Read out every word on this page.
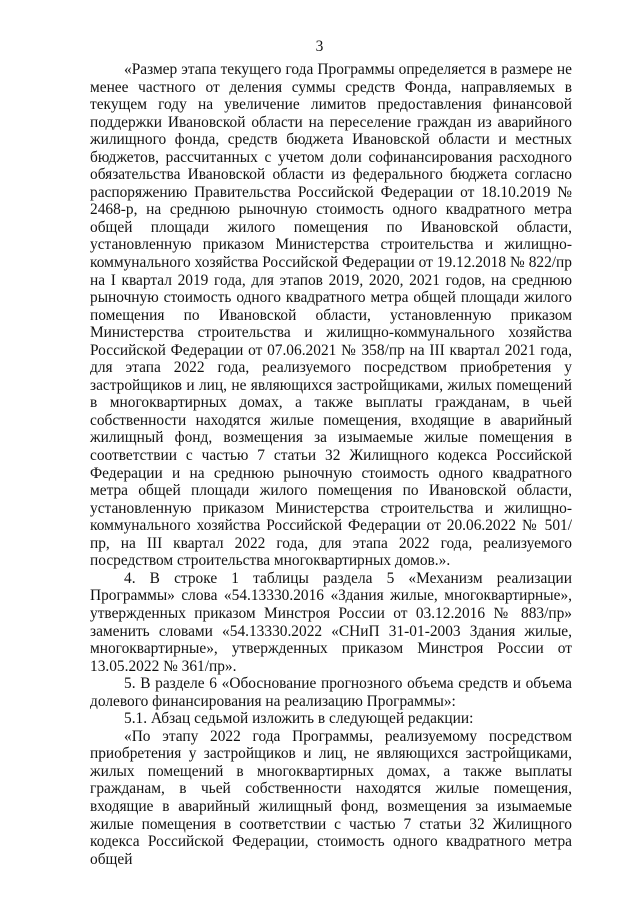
3

«Размер этапа текущего года Программы определяется в размере не менее частного от деления суммы средств Фонда, направляемых в текущем году на увеличение лимитов предоставления финансовой поддержки Ивановской области на переселение граждан из аварийного жилищного фонда, средств бюджета Ивановской области и местных бюджетов, рассчитанных с учетом доли софинансирования расходного обязательства Ивановской области из федерального бюджета согласно распоряжению Правительства Российской Федерации от 18.10.2019 № 2468-р, на среднюю рыночную стоимость одного квадратного метра общей площади жилого помещения по Ивановской области, установленную приказом Министерства строительства и жилищно-коммунального хозяйства Российской Федерации от 19.12.2018 № 822/пр на I квартал 2019 года, для этапов 2019, 2020, 2021 годов, на среднюю рыночную стоимость одного квадратного метра общей площади жилого помещения по Ивановской области, установленную приказом Министерства строительства и жилищно-коммунального хозяйства Российской Федерации от 07.06.2021 № 358/пр на III квартал 2021 года, для этапа 2022 года, реализуемого посредством приобретения у застройщиков и лиц, не являющихся застройщиками, жилых помещений в многоквартирных домах, а также выплаты гражданам, в чьей собственности находятся жилые помещения, входящие в аварийный жилищный фонд, возмещения за изымаемые жилые помещения в соответствии с частью 7 статьи 32 Жилищного кодекса Российской Федерации и на среднюю рыночную стоимость одного квадратного метра общей площади жилого помещения по Ивановской области, установленную приказом Министерства строительства и жилищно-коммунального хозяйства Российской Федерации от 20.06.2022 № 501/пр, на III квартал 2022 года, для этапа 2022 года, реализуемого посредством строительства многоквартирных домов.».

4. В строке 1 таблицы раздела 5 «Механизм реализации Программы» слова «54.13330.2016 «Здания жилые, многоквартирные», утвержденных приказом Минстроя России от 03.12.2016 № 883/пр» заменить словами «54.13330.2022 «СНиП 31-01-2003 Здания жилые, многоквартирные», утвержденных приказом Минстроя России от 13.05.2022 № 361/пр».

5. В разделе 6 «Обоснование прогнозного объема средств и объема долевого финансирования на реализацию Программы»:

5.1. Абзац седьмой изложить в следующей редакции:

«По этапу 2022 года Программы, реализуемому посредством приобретения у застройщиков и лиц, не являющихся застройщиками, жилых помещений в многоквартирных домах, а также выплаты гражданам, в чьей собственности находятся жилые помещения, входящие в аварийный жилищный фонд, возмещения за изымаемые жилые помещения в соответствии с частью 7 статьи 32 Жилищного кодекса Российской Федерации, стоимость одного квадратного метра общей
